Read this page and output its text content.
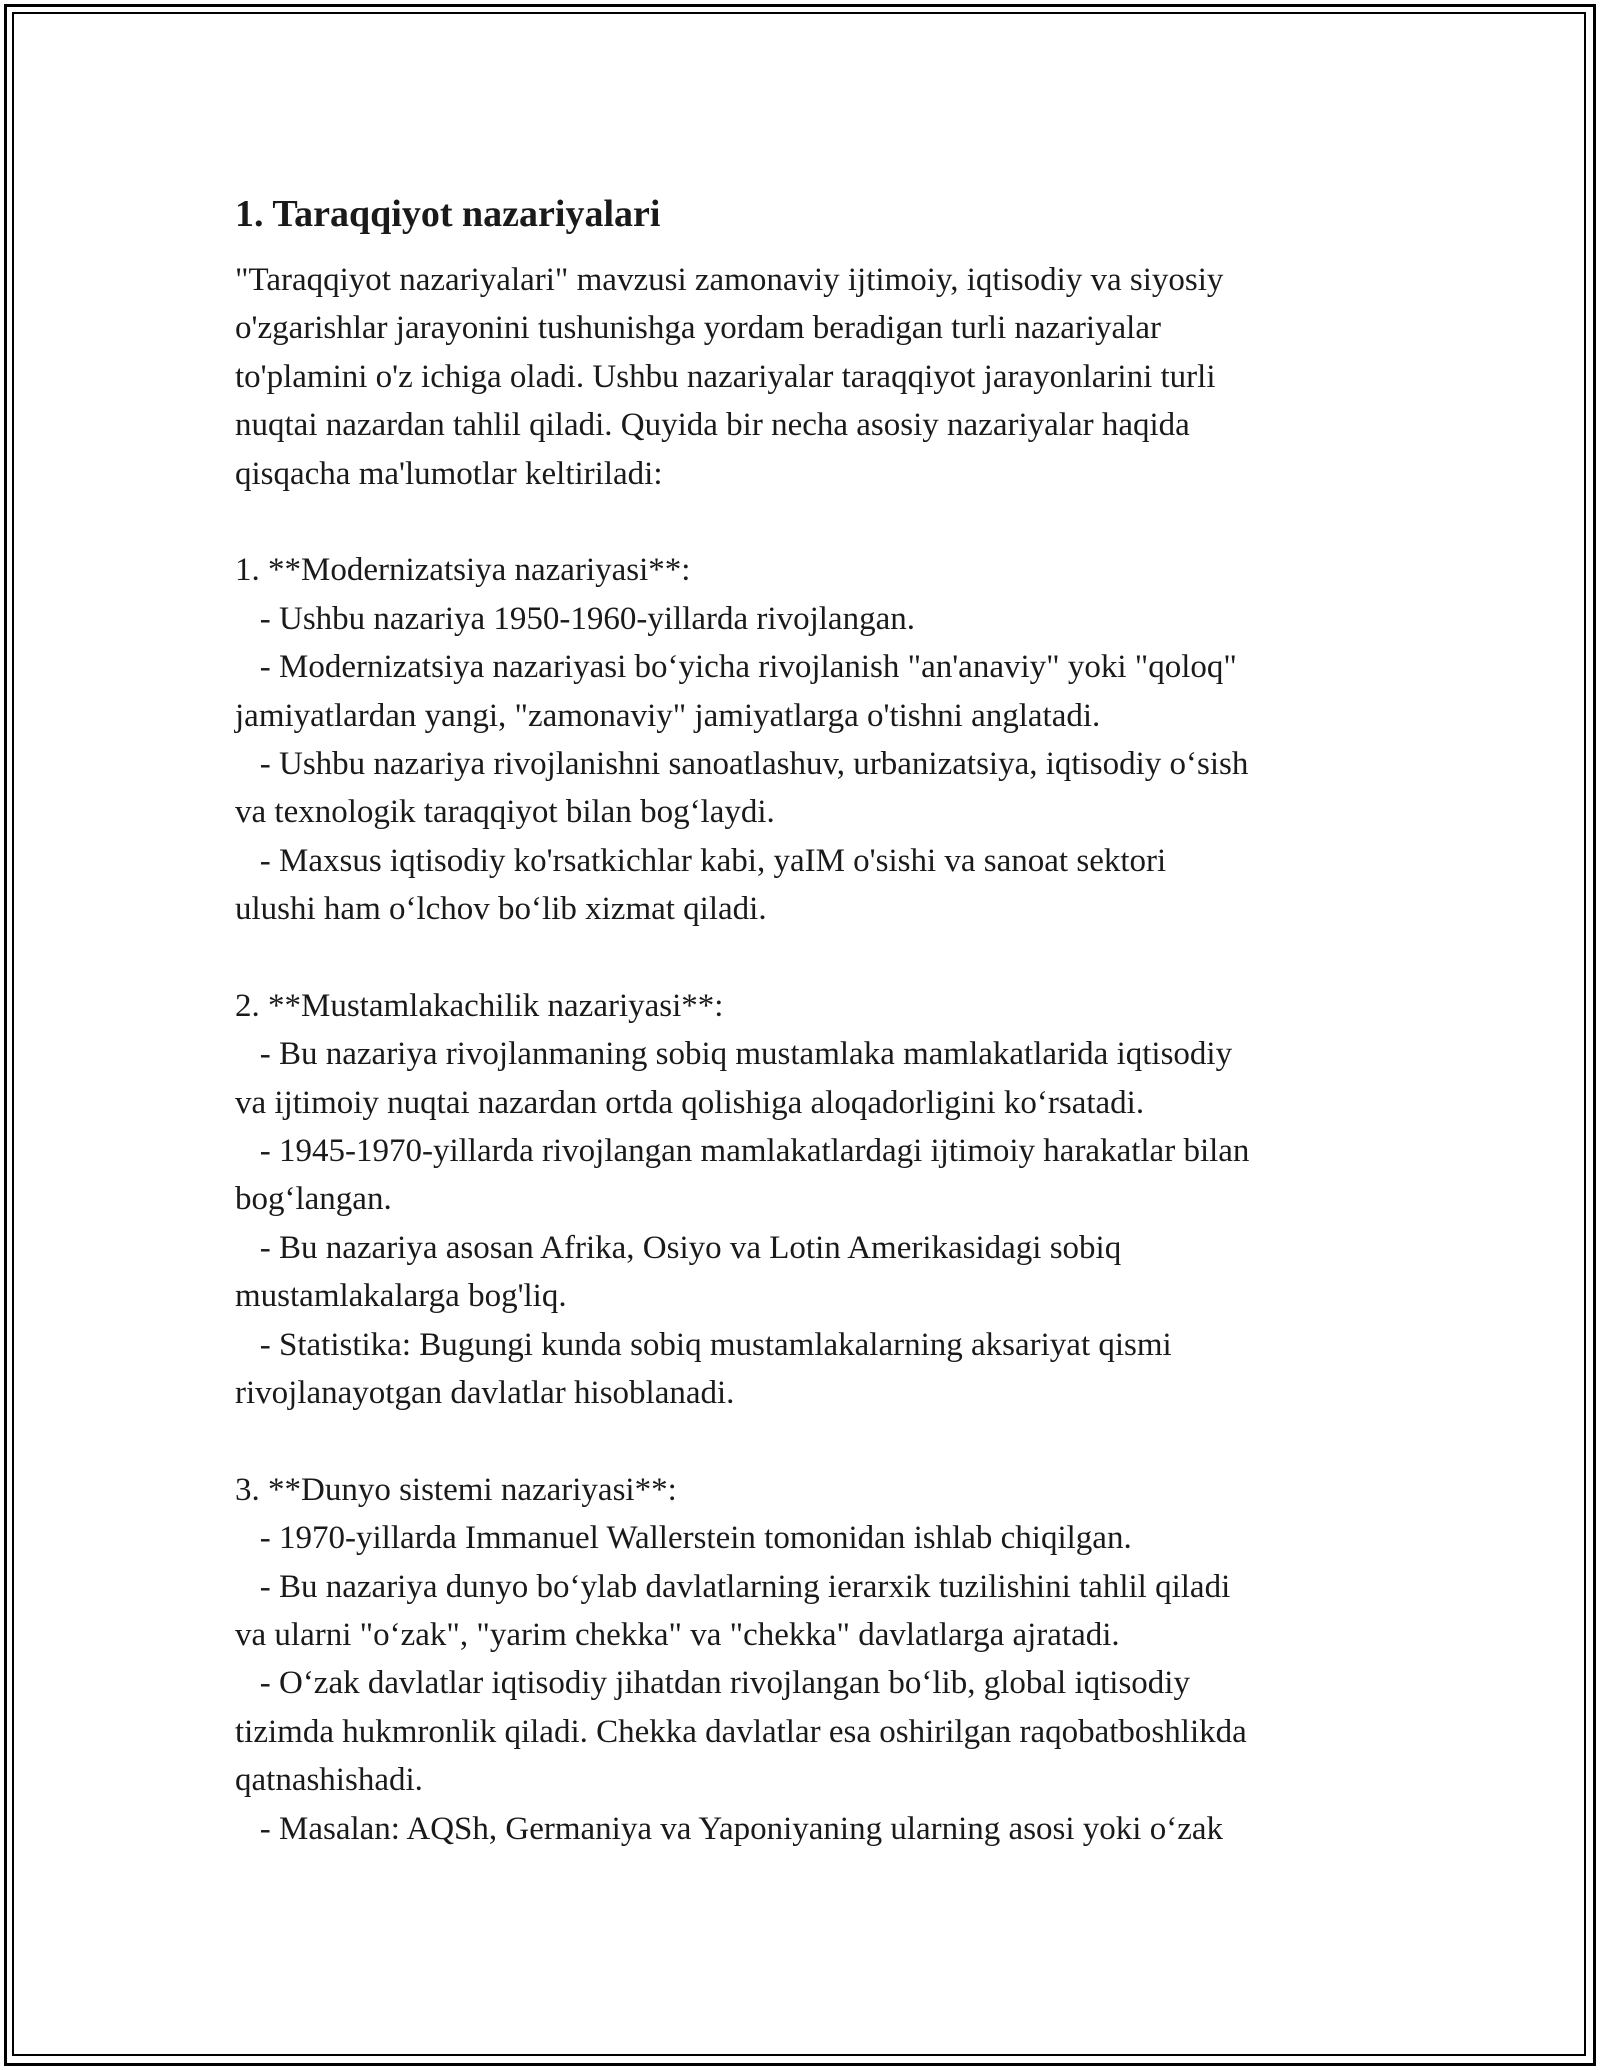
1. Taraqqiyot nazariyalari
"Taraqqiyot nazariyalari" mavzusi zamonaviy ijtimoiy, iqtisodiy va siyosiy
o'zgarishlar jarayonini tushunishga yordam beradigan turli nazariyalar
to'plamini o'z ichiga oladi. Ushbu nazariyalar taraqqiyot jarayonlarini turli
nuqtai nazardan tahlil qiladi. Quyida bir necha asosiy nazariyalar haqida
qisqacha ma'lumotlar keltiriladi:
1. **Modernizatsiya nazariyasi**:
- Ushbu nazariya 1950-1960-yillarda rivojlangan.
- Modernizatsiya nazariyasi bo‘yicha rivojlanish "an'anaviy" yoki "qoloq"
jamiyatlardan yangi, "zamonaviy" jamiyatlarga o'tishni anglatadi.
- Ushbu nazariya rivojlanishni sanoatlashuv, urbanizatsiya, iqtisodiy o‘sish
va texnologik taraqqiyot bilan bog‘laydi.
- Maxsus iqtisodiy ko'rsatkichlar kabi, yaIM o'sishi va sanoat sektori
ulushi ham o‘lchov bo‘lib xizmat qiladi.
2. **Mustamlakachilik nazariyasi**:
- Bu nazariya rivojlanmaning sobiq mustamlaka mamlakatlarida iqtisodiy
va ijtimoiy nuqtai nazardan ortda qolishiga aloqadorligini ko‘rsatadi.
- 1945-1970-yillarda rivojlangan mamlakatlardagi ijtimoiy harakatlar bilan
bog‘langan.
- Bu nazariya asosan Afrika, Osiyo va Lotin Amerikasidagi sobiq
mustamlakalarga bog'liq.
- Statistika: Bugungi kunda sobiq mustamlakalarning aksariyat qismi
rivojlanayotgan davlatlar hisoblanadi.
3. **Dunyo sistemi nazariyasi**:
- 1970-yillarda Immanuel Wallerstein tomonidan ishlab chiqilgan.
- Bu nazariya dunyo bo‘ylab davlatlarning ierarxik tuzilishini tahlil qiladi
va ularni "o‘zak", "yarim chekka" va "chekka" davlatlarga ajratadi.
- O‘zak davlatlar iqtisodiy jihatdan rivojlangan bo‘lib, global iqtisodiy
tizimda hukmronlik qiladi. Chekka davlatlar esa oshirilgan raqobatboshlikda
qatnashishadi.
- Masalan: AQSh, Germaniya va Yaponiyaning ularning asosi yoki o‘zak
